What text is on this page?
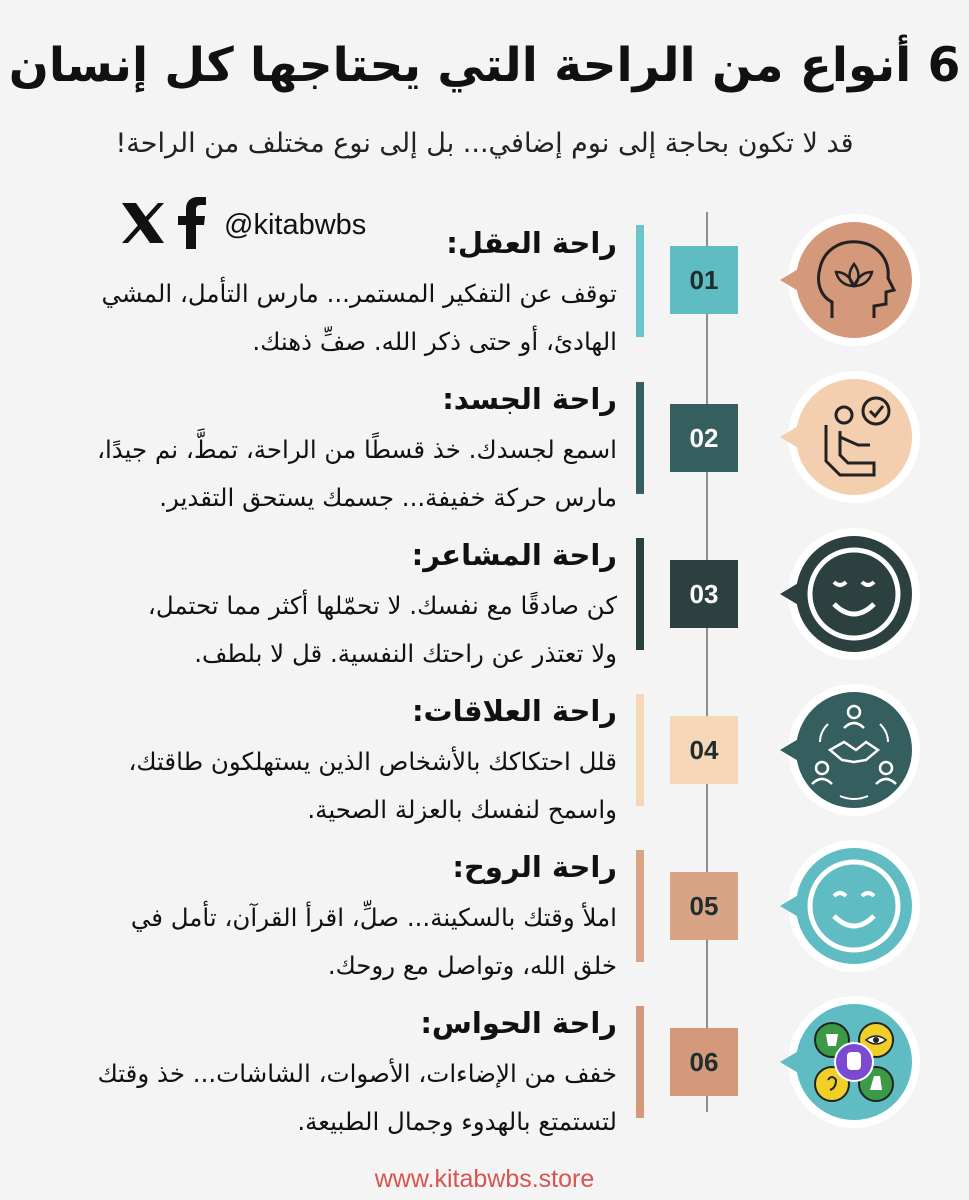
6 أنواع من الراحة التي يحتاجها كل إنسان
قد لا تكون بحاجة إلى نوم إضافي... بل إلى نوع مختلف من الراحة!
@kitabwbs
01
راحة العقل:
توقف عن التفكير المستمر... مارس التأمل، المشي
الهادئ، أو حتى ذكر الله. صفِّ ذهنك.
02
راحة الجسد:
اسمع لجسدك. خذ قسطًا من الراحة، تمطَّ، نم جيدًا،
مارس حركة خفيفة... جسمك يستحق التقدير.
03
راحة المشاعر:
كن صادقًا مع نفسك. لا تحمّلها أكثر مما تحتمل،
ولا تعتذر عن راحتك النفسية. قل لا بلطف.
04
راحة العلاقات:
قلل احتكاكك بالأشخاص الذين يستهلكون طاقتك،
واسمح لنفسك بالعزلة الصحية.
05
راحة الروح:
املأ وقتك بالسكينة... صلِّ، اقرأ القرآن، تأمل في
خلق الله، وتواصل مع روحك.
06
راحة الحواس:
خفف من الإضاءات، الأصوات، الشاشات... خذ وقتك
لتستمتع بالهدوء وجمال الطبيعة.
www.kitabwbs.store
